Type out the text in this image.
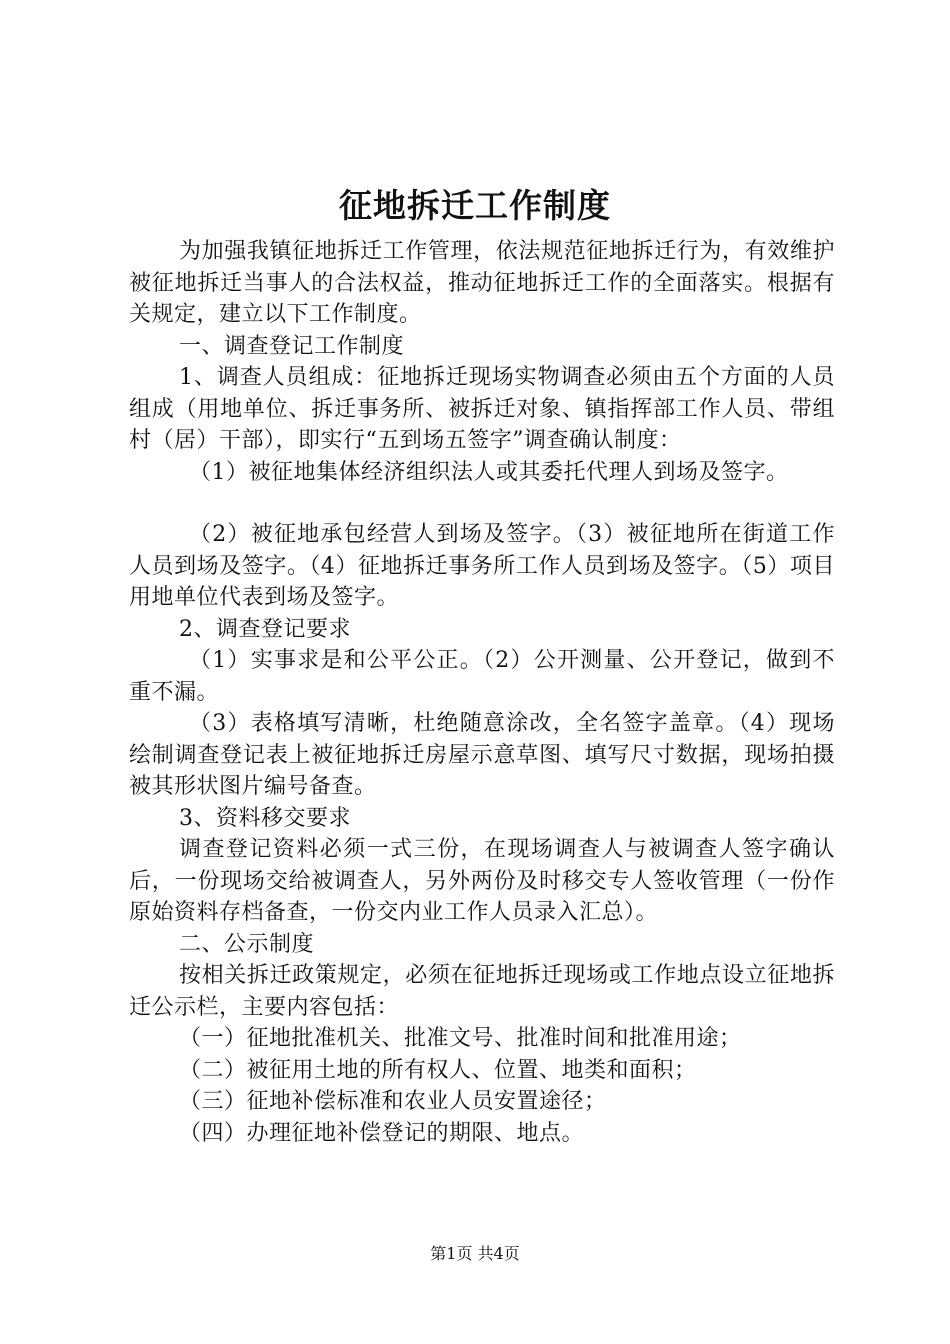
征地拆迁工作制度

为加强我镇征地拆迁工作管理，依法规范征地拆迁行为，有效维护被征地拆迁当事人的合法权益，推动征地拆迁工作的全面落实。根据有关规定，建立以下工作制度。

一、调查登记工作制度

1、调查人员组成：征地拆迁现场实物调查必须由五个方面的人员组成（用地单位、拆迁事务所、被拆迁对象、镇指挥部工作人员、带组村（居）干部），即实行“五到场五签字”调查确认制度：

（1）被征地集体经济组织法人或其委托代理人到场及签字。

（2）被征地承包经营人到场及签字。（3）被征地所在街道工作人员到场及签字。（4）征地拆迁事务所工作人员到场及签字。（5）项目用地单位代表到场及签字。

2、调查登记要求

（1）实事求是和公平公正。（2）公开测量、公开登记，做到不重不漏。

（3）表格填写清晰，杜绝随意涂改，全名签字盖章。（4）现场绘制调查登记表上被征地拆迁房屋示意草图、填写尺寸数据，现场拍摄被其形状图片编号备查。

3、资料移交要求

调查登记资料必须一式三份，在现场调查人与被调查人签字确认后，一份现场交给被调查人，另外两份及时移交专人签收管理（一份作原始资料存档备查，一份交内业工作人员录入汇总）。

二、公示制度

按相关拆迁政策规定，必须在征地拆迁现场或工作地点设立征地拆迁公示栏，主要内容包括：

（一）征地批准机关、批准文号、批准时间和批准用途；

（二）被征用土地的所有权人、位置、地类和面积；

（三）征地补偿标准和农业人员安置途径；

（四）办理征地补偿登记的期限、地点。

第1页 共4页
